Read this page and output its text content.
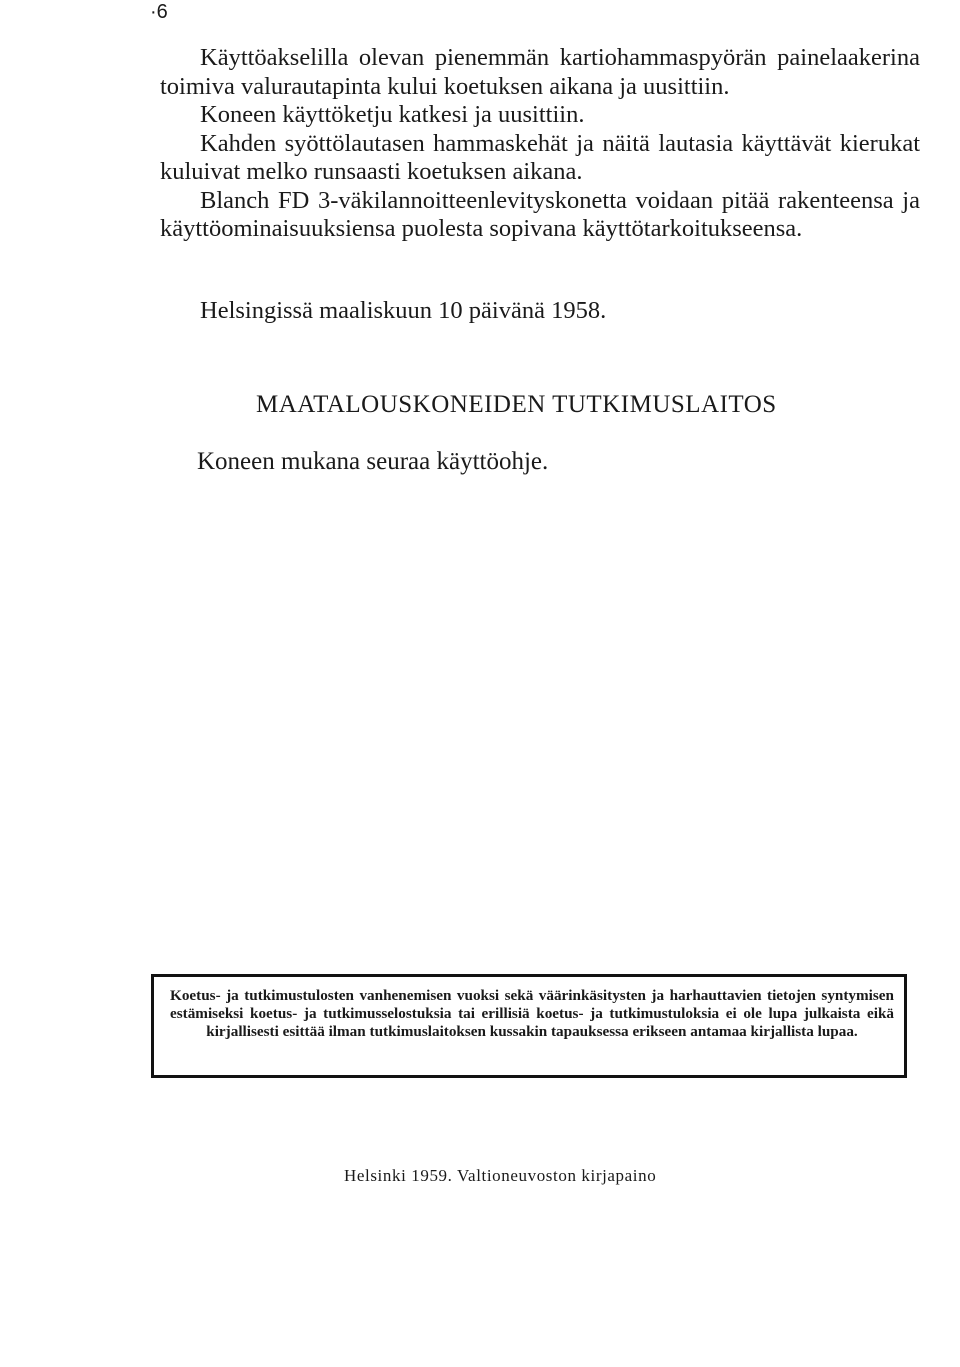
·6

Käyttöakselilla olevan pienemmän kartiohammaspyörän painelaakerina toimiva valurautapinta kului koetuksen aikana ja uusittiin.

Koneen käyttöketju katkesi ja uusittiin.

Kahden syöttölautasen hammaskehät ja näitä lautasia käyttävät kierukat kuluivat melko runsaasti koetuksen aikana.

Blanch FD 3-väkilannoitteenlevityskonetta voidaan pitää rakenteensa ja käyttöominaisuuksiensa puolesta sopivana käyttötarkoitukseensa.

Helsingissä maaliskuun 10 päivänä 1958.

MAATALOUSKONEIDEN TUTKIMUSLAITOS

Koneen mukana seuraa käyttöohje.

Koetus- ja tutkimustulosten vanhenemisen vuoksi sekä väärinkäsitysten ja harhauttavien tietojen syntymisen estämiseksi koetus- ja tutkimusselostuksia tai erillisiä koetus- ja tutkimustuloksia ei ole lupa julkaista eikä kirjallisesti esittää ilman tutkimuslaitoksen kussakin tapauksessa erikseen antamaa kirjallista lupaa.

Helsinki 1959. Valtioneuvoston kirjapaino
